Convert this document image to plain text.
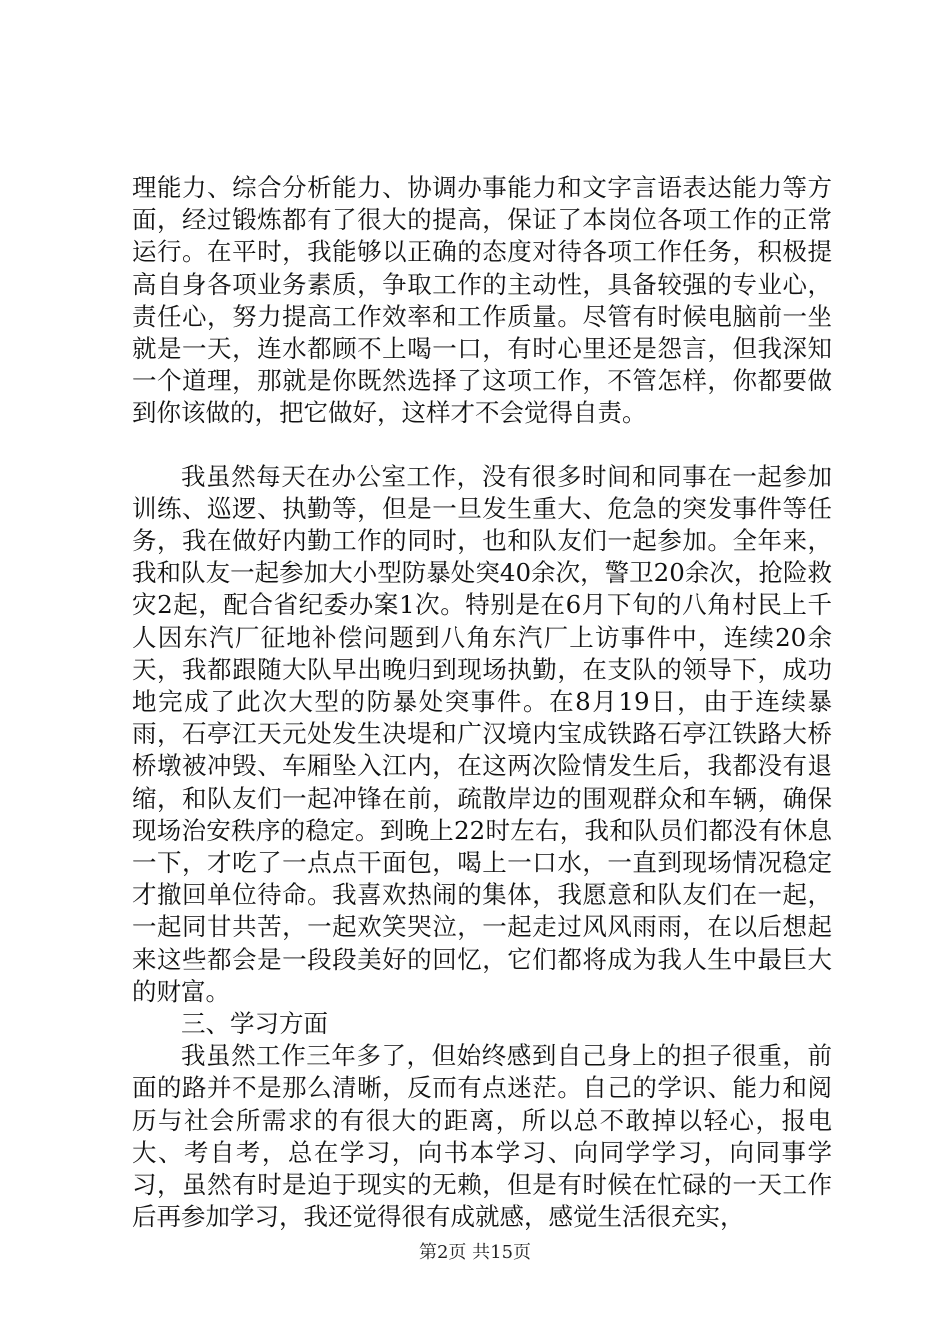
理能力、综合分析能力、协调办事能力和文字言语表达能力等方面，经过锻炼都有了很大的提高，保证了本岗位各项工作的正常运行。在平时，我能够以正确的态度对待各项工作任务，积极提高自身各项业务素质，争取工作的主动性，具备较强的专业心，责任心，努力提高工作效率和工作质量。尽管有时候电脑前一坐就是一天，连水都顾不上喝一口，有时心里还是怨言，但我深知一个道理，那就是你既然选择了这项工作，不管怎样，你都要做到你该做的，把它做好，这样才不会觉得自责。

我虽然每天在办公室工作，没有很多时间和同事在一起参加训练、巡逻、执勤等，但是一旦发生重大、危急的突发事件等任务，我在做好内勤工作的同时，也和队友们一起参加。全年来，我和队友一起参加大小型防暴处突40余次，警卫20余次，抢险救灾2起，配合省纪委办案1次。特别是在6月下旬的八角村民上千人因东汽厂征地补偿问题到八角东汽厂上访事件中，连续20余天，我都跟随大队早出晚归到现场执勤，在支队的领导下，成功地完成了此次大型的防暴处突事件。在8月19日，由于连续暴雨，石亭江天元处发生决堤和广汉境内宝成铁路石亭江铁路大桥桥墩被冲毁、车厢坠入江内，在这两次险情发生后，我都没有退缩，和队友们一起冲锋在前，疏散岸边的围观群众和车辆，确保现场治安秩序的稳定。到晚上22时左右，我和队员们都没有休息一下，才吃了一点点干面包，喝上一口水，一直到现场情况稳定才撤回单位待命。我喜欢热闹的集体，我愿意和队友们在一起，一起同甘共苦，一起欢笑哭泣，一起走过风风雨雨，在以后想起来这些都会是一段段美好的回忆，它们都将成为我人生中最巨大的财富。

三、学习方面

我虽然工作三年多了，但始终感到自己身上的担子很重，前面的路并不是那么清晰，反而有点迷茫。自己的学识、能力和阅历与社会所需求的有很大的距离，所以总不敢掉以轻心，报电大、考自考，总在学习，向书本学习、向同学学习，向同事学习，虽然有时是迫于现实的无赖，但是有时候在忙碌的一天工作后再参加学习，我还觉得很有成就感，感觉生活很充实，

第2页 共15页
